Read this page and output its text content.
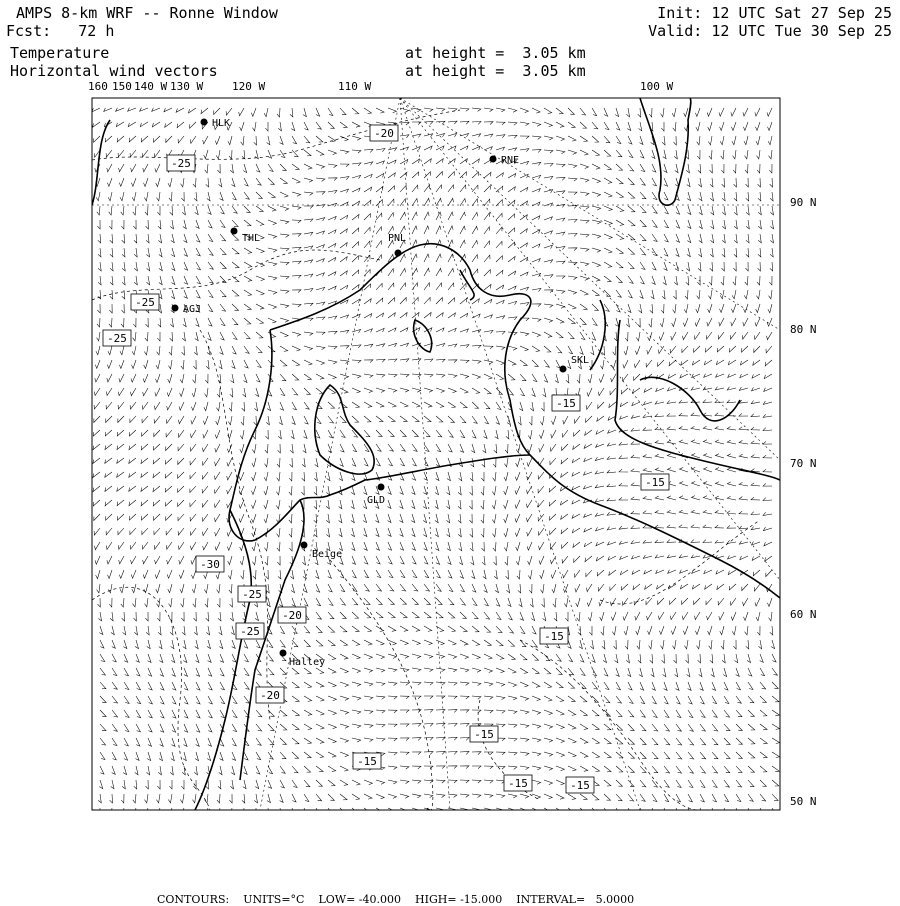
AMPS 8-km WRF -- Ronne Window
Fcst:   72 h
Temperature
Horizontal wind vectors
at height =  3.05 km
at height =  3.05 km
Init: 12 UTC Sat 27 Sep 25
Valid: 12 UTC Tue 30 Sep 25
-20
-25
-25
-25
-15
-15
-30
-25
-20
-25	-15
-20
-15
-15
-15	-15
HLK
RNE
THL	PNL
AGJ
SKL
GLD
Beige
Halley
160 150 140 W 130 W	120 W	110 W	100 W
90 N
80 N
70 N
60 N
50 N

CONTOURS: UNITS=°C LOW= -40.000 HIGH= -15.000 INTERVAL=   5.0000
